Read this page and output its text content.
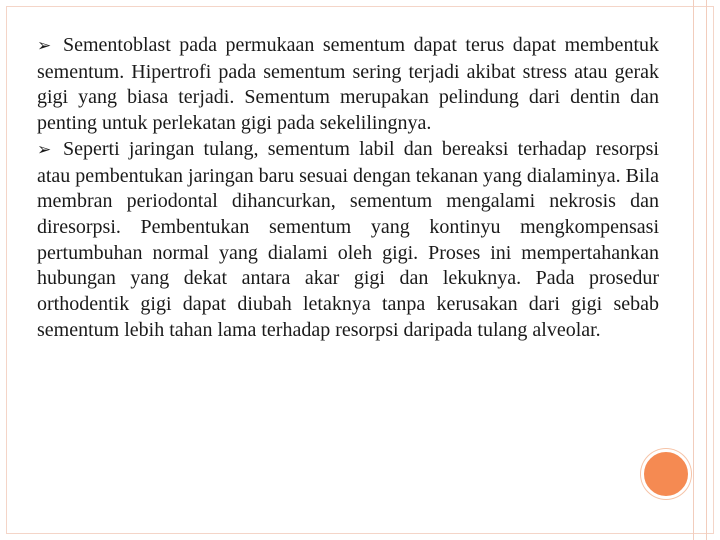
➢ Sementoblast pada permukaan sementum dapat terus dapat membentuk sementum. Hipertrofi pada sementum sering terjadi akibat stress atau gerak gigi yang biasa terjadi. Sementum merupakan pelindung dari dentin dan penting untuk perlekatan gigi pada sekelilingnya.

➢ Seperti jaringan tulang, sementum labil dan bereaksi terhadap resorpsi atau pembentukan jaringan baru sesuai dengan tekanan yang dialaminya. Bila membran periodontal dihancurkan, sementum mengalami nekrosis dan diresorpsi. Pembentukan sementum yang kontinyu mengkompensasi pertumbuhan normal yang dialami oleh gigi. Proses ini mempertahankan hubungan yang dekat antara akar gigi dan lekuknya. Pada prosedur orthodentik gigi dapat diubah letaknya tanpa kerusakan dari gigi sebab sementum lebih tahan lama terhadap resorpsi daripada tulang alveolar.
